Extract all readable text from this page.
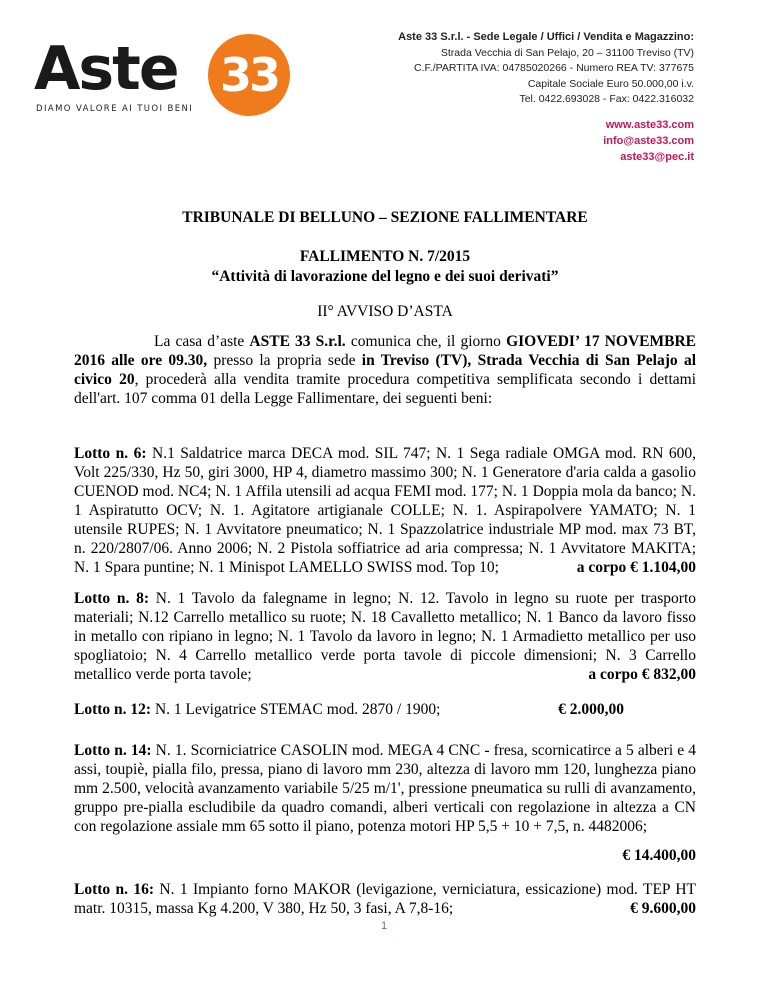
Aste 33
DIAMO VALORE AI TUOI BENI
Aste 33 S.r.l. - Sede Legale / Uffici / Vendita e Magazzino:
Strada Vecchia di San Pelajo, 20 – 31100 Treviso (TV)
C.F./PARTITA IVA: 04785020266 - Numero REA TV: 377675
Capitale Sociale Euro 50.000,00 i.v.
Tel. 0422.693028 - Fax: 0422.316032
www.aste33.com
info@aste33.com
aste33@pec.it
TRIBUNALE DI BELLUNO – SEZIONE FALLIMENTARE
FALLIMENTO N. 7/2015
“Attività di lavorazione del legno e dei suoi derivati”
II° AVVISO D’ASTA
La casa d’aste ASTE 33 S.r.l. comunica che, il giorno GIOVEDI’ 17 NOVEMBRE 2016 alle ore 09.30, presso la propria sede in Treviso (TV), Strada Vecchia di San Pelajo al civico 20, procederà alla vendita tramite procedura competitiva semplificata secondo i dettami dell'art. 107 comma 01 della Legge Fallimentare, dei seguenti beni:
Lotto n. 6: N.1 Saldatrice marca DECA mod. SIL 747; N. 1 Sega radiale OMGA mod. RN 600, Volt 225/330, Hz 50, giri 3000, HP 4, diametro massimo 300; N. 1 Generatore d'aria calda a gasolio CUENOD mod. NC4; N. 1 Affila utensili ad acqua FEMI mod. 177; N. 1 Doppia mola da banco; N. 1 Aspiratutto OCV; N. 1. Agitatore artigianale COLLE; N. 1. Aspirapolvere YAMATO; N. 1 utensile RUPES; N. 1 Avvitatore pneumatico; N. 1 Spazzolatrice industriale MP mod. max 73 BT, n. 220/2807/06. Anno 2006; N. 2 Pistola soffiatrice ad aria compressa; N. 1 Avvitatore MAKITA; N. 1 Spara puntine; N. 1 Minispot LAMELLO SWISS mod. Top 10;	a corpo € 1.104,00
Lotto n. 8: N. 1 Tavolo da falegname in legno; N. 12. Tavolo in legno su ruote per trasporto materiali; N.12 Carrello metallico su ruote; N. 18 Cavalletto metallico; N. 1 Banco da lavoro fisso in metallo con ripiano in legno; N. 1 Tavolo da lavoro in legno; N. 1 Armadietto metallico per uso spogliatoio; N. 4 Carrello metallico verde porta tavole di piccole dimensioni; N. 3 Carrello metallico verde porta tavole;	a corpo € 832,00
Lotto n. 12: N. 1 Levigatrice STEMAC mod. 2870 / 1900;	€ 2.000,00
Lotto n. 14: N. 1. Scorniciatrice CASOLIN mod. MEGA 4 CNC - fresa, scornicatirce a 5 alberi e 4 assi, toupiè, pialla filo, pressa, piano di lavoro mm 230, altezza di lavoro mm 120, lunghezza piano mm 2.500, velocità avanzamento variabile 5/25 m/1', pressione pneumatica su rulli di avanzamento, gruppo pre-pialla escludibile da quadro comandi, alberi verticali con regolazione in altezza a CN con regolazione assiale mm 65 sotto il piano, potenza motori HP 5,5 + 10 + 7,5, n. 4482006;
€ 14.400,00
Lotto n. 16: N. 1 Impianto forno MAKOR (levigazione, verniciatura, essicazione) mod. TEP HT matr. 10315, massa Kg 4.200, V 380, Hz 50, 3 fasi, A 7,8-16;	€ 9.600,00
1
